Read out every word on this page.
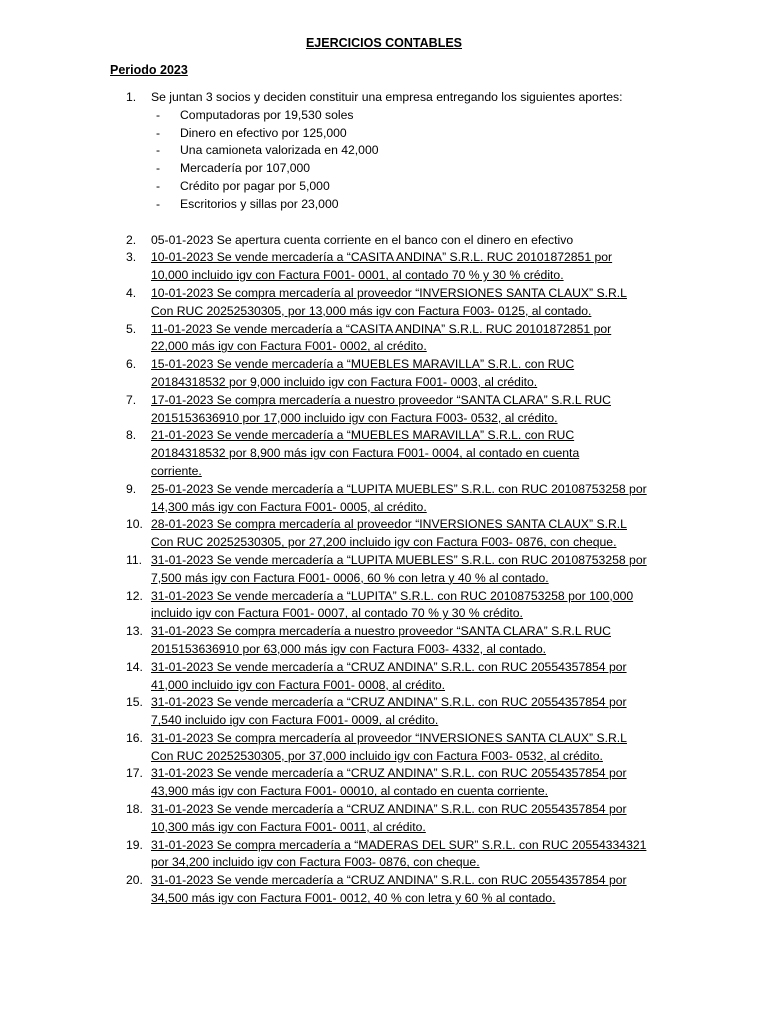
EJERCICIOS CONTABLES
Periodo 2023
1. Se juntan 3 socios y deciden constituir una empresa entregando los siguientes aportes:
- Computadoras por 19,530 soles
- Dinero en efectivo por 125,000
- Una camioneta valorizada en 42,000
- Mercadería por 107,000
- Crédito por pagar por 5,000
- Escritorios y sillas por 23,000
2. 05-01-2023 Se apertura cuenta corriente en el banco con el dinero en efectivo
3. 10-01-2023 Se vende mercadería a “CASITA ANDINA” S.R.L. RUC 20101872851 por
10,000 incluido igv con Factura F001- 0001, al contado 70 % y 30 % crédito.
4. 10-01-2023 Se compra mercadería al proveedor “INVERSIONES SANTA CLAUX” S.R.L
Con RUC 20252530305, por 13,000 más igv con Factura F003- 0125, al contado.
5. 11-01-2023 Se vende mercadería a “CASITA ANDINA” S.R.L. RUC 20101872851 por
22,000 más igv con Factura F001- 0002, al crédito.
6. 15-01-2023 Se vende mercadería a “MUEBLES MARAVILLA” S.R.L. con RUC
20184318532 por 9,000 incluido igv con Factura F001- 0003, al crédito.
7. 17-01-2023 Se compra mercadería a nuestro proveedor “SANTA CLARA” S.R.L RUC
2015153636910 por 17,000 incluido igv con Factura F003- 0532, al crédito.
8. 21-01-2023 Se vende mercadería a “MUEBLES MARAVILLA” S.R.L. con RUC
20184318532 por 8,900 más igv con Factura F001- 0004, al contado en cuenta
corriente.
9. 25-01-2023 Se vende mercadería a “LUPITA MUEBLES” S.R.L. con RUC 20108753258 por
14,300 más igv con Factura F001- 0005, al crédito.
10. 28-01-2023 Se compra mercadería al proveedor “INVERSIONES SANTA CLAUX” S.R.L
Con RUC 20252530305, por 27,200 incluido igv con Factura F003- 0876, con cheque.
11. 31-01-2023 Se vende mercadería a “LUPITA MUEBLES” S.R.L. con RUC 20108753258 por
7,500 más igv con Factura F001- 0006, 60 % con letra y 40 % al contado.
12. 31-01-2023 Se vende mercadería a “LUPITA” S.R.L. con RUC 20108753258 por 100,000
incluido igv con Factura F001- 0007, al contado 70 % y 30 % crédito.
13. 31-01-2023 Se compra mercadería a nuestro proveedor “SANTA CLARA” S.R.L RUC
2015153636910 por 63,000 más igv con Factura F003- 4332, al contado.
14. 31-01-2023 Se vende mercadería a “CRUZ ANDINA” S.R.L. con RUC 20554357854 por
41,000 incluido igv con Factura F001- 0008, al crédito.
15. 31-01-2023 Se vende mercadería a “CRUZ ANDINA” S.R.L. con RUC 20554357854 por
7,540 incluido igv con Factura F001- 0009, al crédito.
16. 31-01-2023 Se compra mercadería al proveedor “INVERSIONES SANTA CLAUX” S.R.L
Con RUC 20252530305, por 37,000 incluido igv con Factura F003- 0532, al crédito.
17. 31-01-2023 Se vende mercadería a “CRUZ ANDINA” S.R.L. con RUC 20554357854 por
43,900 más igv con Factura F001- 00010, al contado en cuenta corriente.
18. 31-01-2023 Se vende mercadería a “CRUZ ANDINA” S.R.L. con RUC 20554357854 por
10,300 más igv con Factura F001- 0011, al crédito.
19. 31-01-2023 Se compra mercadería a “MADERAS DEL SUR” S.R.L. con RUC 20554334321
por 34,200 incluido igv con Factura F003- 0876, con cheque.
20. 31-01-2023 Se vende mercadería a “CRUZ ANDINA” S.R.L. con RUC 20554357854 por
34,500 más igv con Factura F001- 0012, 40 % con letra y 60 % al contado.
